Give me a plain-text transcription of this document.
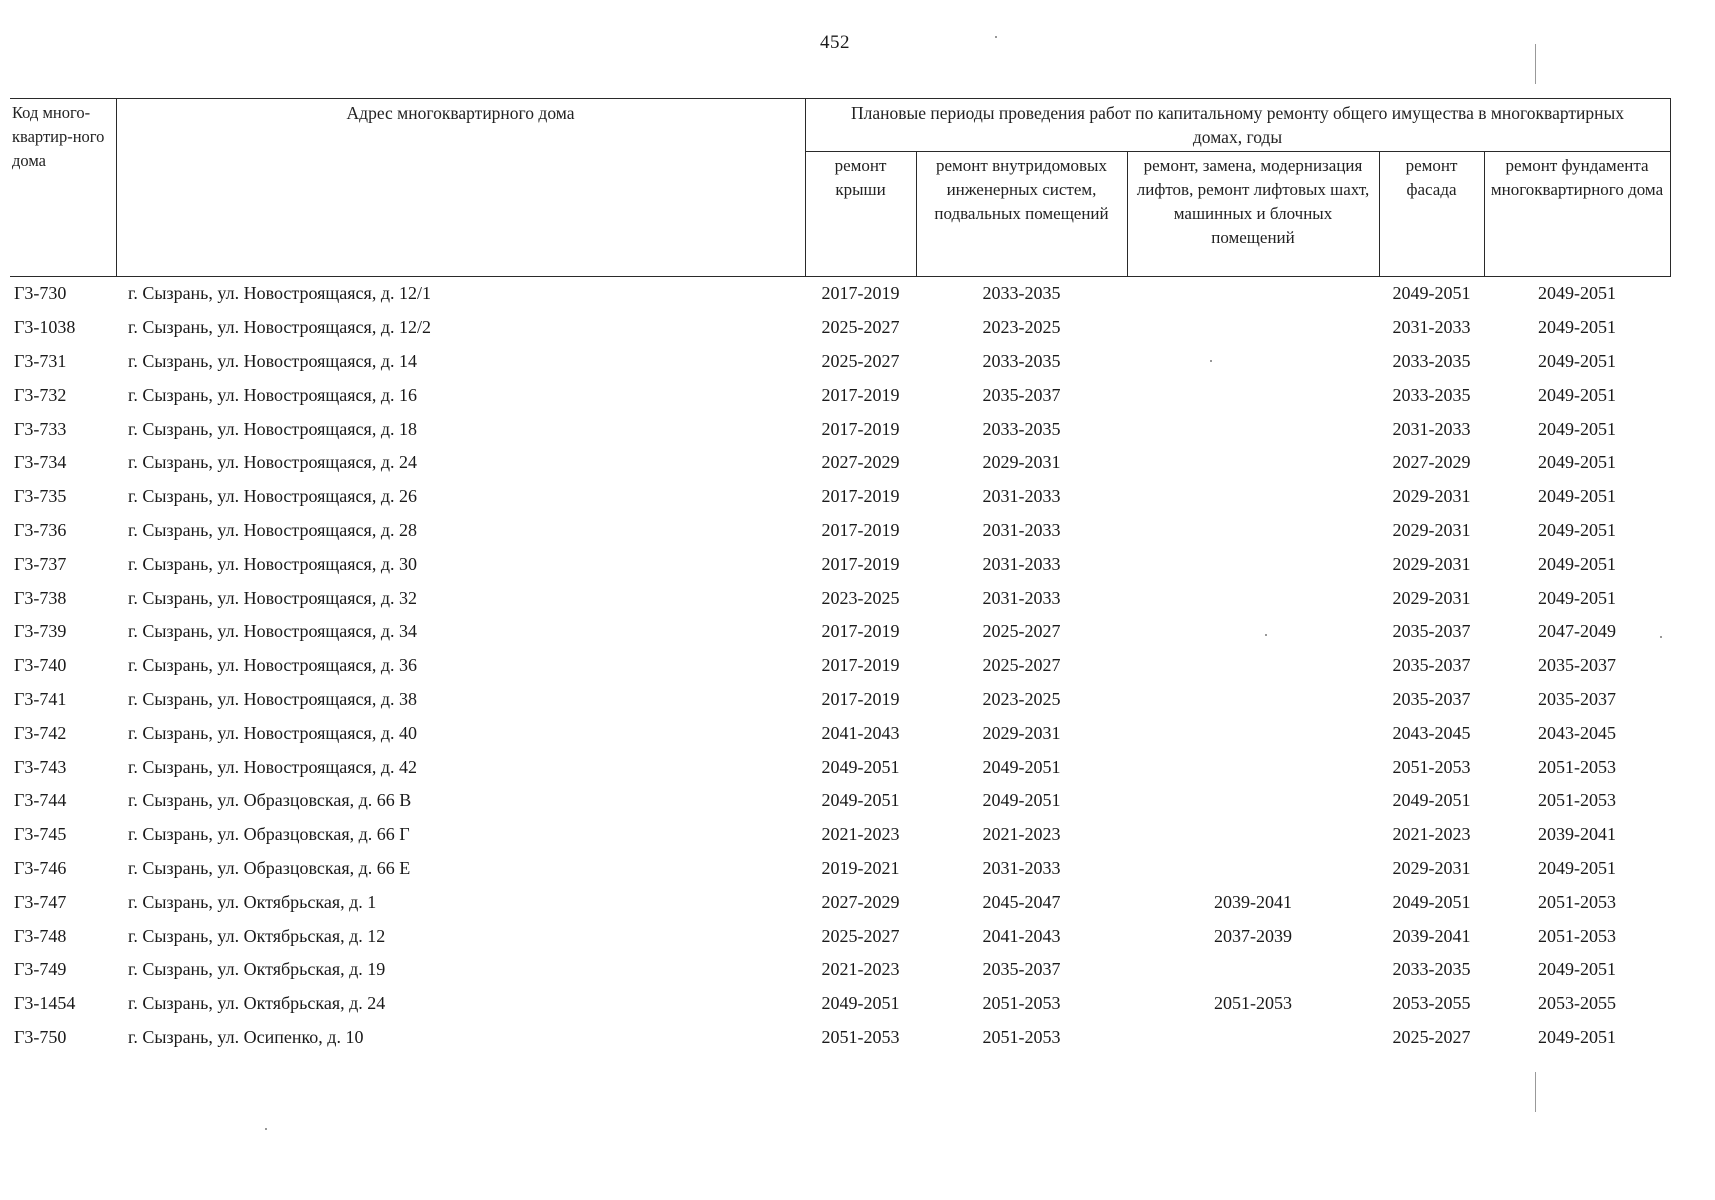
452
Код много-квартир-ного дома	Адрес многоквартирного дома	Плановые периоды проведения работ по капитальному ремонту общего имущества в многоквартирных домах, годы				
		ремонт крыши	ремонт внутридомовых инженерных систем, подвальных помещений	ремонт, замена, модернизация лифтов, ремонт лифтовых шахт, машинных и блочных помещений	ремонт фасада	ремонт фундамента многоквартирного дома
Г3-730	г. Сызрань, ул. Новостроящаяся, д. 12/1	2017-2019	2033-2035		2049-2051	2049-2051
Г3-1038	г. Сызрань, ул. Новостроящаяся, д. 12/2	2025-2027	2023-2025		2031-2033	2049-2051
Г3-731	г. Сызрань, ул. Новостроящаяся, д. 14	2025-2027	2033-2035		2033-2035	2049-2051
Г3-732	г. Сызрань, ул. Новостроящаяся, д. 16	2017-2019	2035-2037		2033-2035	2049-2051
Г3-733	г. Сызрань, ул. Новостроящаяся, д. 18	2017-2019	2033-2035		2031-2033	2049-2051
Г3-734	г. Сызрань, ул. Новостроящаяся, д. 24	2027-2029	2029-2031		2027-2029	2049-2051
Г3-735	г. Сызрань, ул. Новостроящаяся, д. 26	2017-2019	2031-2033		2029-2031	2049-2051
Г3-736	г. Сызрань, ул. Новостроящаяся, д. 28	2017-2019	2031-2033		2029-2031	2049-2051
Г3-737	г. Сызрань, ул. Новостроящаяся, д. 30	2017-2019	2031-2033		2029-2031	2049-2051
Г3-738	г. Сызрань, ул. Новостроящаяся, д. 32	2023-2025	2031-2033		2029-2031	2049-2051
Г3-739	г. Сызрань, ул. Новостроящаяся, д. 34	2017-2019	2025-2027		2035-2037	2047-2049
Г3-740	г. Сызрань, ул. Новостроящаяся, д. 36	2017-2019	2025-2027		2035-2037	2035-2037
Г3-741	г. Сызрань, ул. Новостроящаяся, д. 38	2017-2019	2023-2025		2035-2037	2035-2037
Г3-742	г. Сызрань, ул. Новостроящаяся, д. 40	2041-2043	2029-2031		2043-2045	2043-2045
Г3-743	г. Сызрань, ул. Новостроящаяся, д. 42	2049-2051	2049-2051		2051-2053	2051-2053
Г3-744	г. Сызрань, ул. Образцовская, д. 66 В	2049-2051	2049-2051		2049-2051	2051-2053
Г3-745	г. Сызрань, ул. Образцовская, д. 66 Г	2021-2023	2021-2023		2021-2023	2039-2041
Г3-746	г. Сызрань, ул. Образцовская, д. 66 Е	2019-2021	2031-2033		2029-2031	2049-2051
Г3-747	г. Сызрань, ул. Октябрьская, д. 1	2027-2029	2045-2047	2039-2041	2049-2051	2051-2053
Г3-748	г. Сызрань, ул. Октябрьская, д. 12	2025-2027	2041-2043	2037-2039	2039-2041	2051-2053
Г3-749	г. Сызрань, ул. Октябрьская, д. 19	2021-2023	2035-2037		2033-2035	2049-2051
Г3-1454	г. Сызрань, ул. Октябрьская, д. 24	2049-2051	2051-2053	2051-2053	2053-2055	2053-2055
Г3-750	г. Сызрань, ул. Осипенко, д. 10	2051-2053	2051-2053		2025-2027	2049-2051
